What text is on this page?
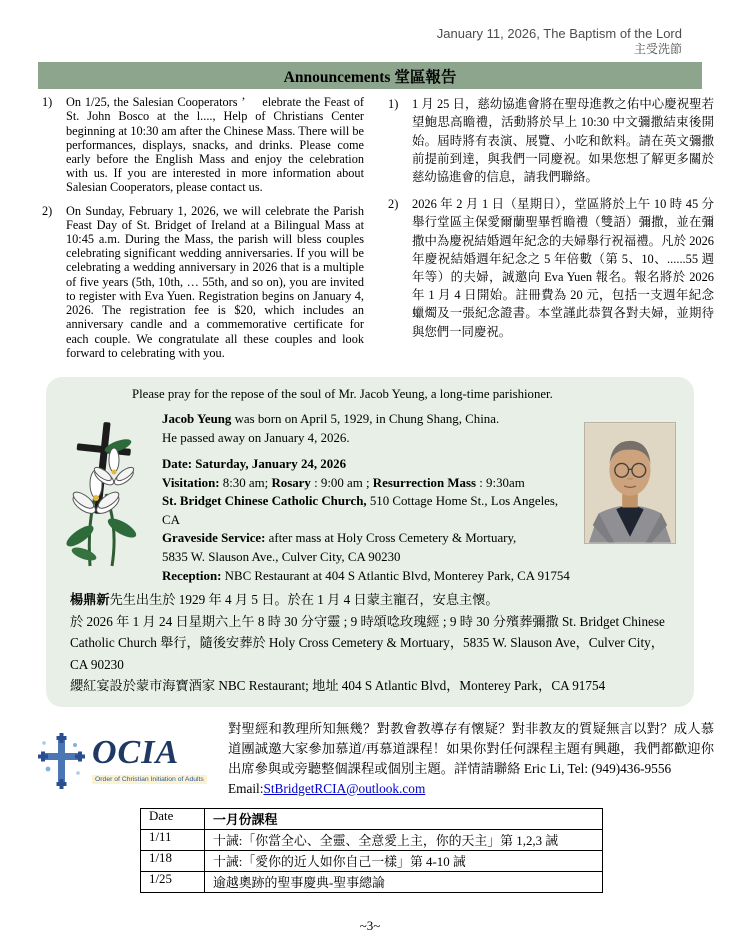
January 11, 2026, The Baptism of the Lord
主受洗節
Announcements 堂區報告
1)	On 1/25, the Salesian Cooperators ’　 elebrate the Feast of St. John Bosco at the l...., Help of Christians Center beginning at 10:30 am after the Chinese Mass. There will be performances, displays, snacks, and drinks. Please come early before the English Mass and enjoy the celebration with us. If you are interested in more information about Salesian Cooperators, please contact us.
2)	On Sunday, February 1, 2026, we will celebrate the Parish Feast Day of St. Bridget of Ireland at a Bilingual Mass at 10:45 a.m. During the Mass, the parish will bless couples celebrating significant wedding anniversaries. If you will be celebrating a wedding anniversary in 2026 that is a multiple of five years (5th, 10th, … 55th, and so on), you are invited to register with Eva Yuen. Registration begins on January 4, 2026. The registration fee is $20, which includes an anniversary candle and a commemorative certificate for each couple. We congratulate all these couples and look forward to celebrating with you.
1)	1 月 25 日，慈幼協進會將在聖母進教之佑中心慶祝聖若望鮑思高瞻禮，活動將於早上 10:30 中文彌撒結束後開始。屆時將有表演、展覽、小吃和飲料。請在英文彌撒前提前到達，與我們一同慶祝。如果您想了解更多關於慈幼協進會的信息，請我們聯絡。
2)	2026 年 2 月 1 日（星期日），堂區將於上午 10 時 45 分舉行堂區主保愛爾蘭聖畢哲瞻禮（雙語）彌撒，並在彌撒中為慶祝結婚週年紀念的夫婦舉行祝福禮。凡於 2026 年慶祝結婚週年紀念之 5 年倍數（第 5、10、......55 週年等）的夫婦，誠邀向 Eva Yuen 報名。報名將於 2026 年 1 月 4 日開始。註冊費為 20 元，包括一支週年紀念蠟燭及一張紀念證書。本堂謹此恭賀各對夫婦，並期待與您們一同慶祝。
Please pray for the repose of the soul of Mr. Jacob Yeung, a long-time parishioner.
Jacob Yeung was born on April 5, 1929, in Chung Shang, China.
He passed away on January 4, 2026.
Date: Saturday, January 24, 2026
Visitation: 8:30 am; Rosary : 9:00 am ; Resurrection Mass : 9:30am
St. Bridget Chinese Catholic Church, 510 Cottage Home St., Los Angeles, CA
Graveside Service: after mass at Holy Cross Cemetery & Mortuary,
5835 W. Slauson Ave., Culver City, CA 90230
Reception: NBC Restaurant at 404 S Atlantic Blvd, Monterey Park, CA 91754
楊鼎新先生出生於 1929 年 4 月 5 日。於在 1 月 4 日蒙主寵召，安息主懷。
於 2026 年 1 月 24 日星期六上午 8 時 30 分守靈 ; 9 時頌唸玫瑰經 ; 9 時 30 分殯葬彌撒 St. Bridget Chinese Catholic Church 舉行，隨後安葬於 Holy Cross Cemetery & Mortuary，5835 W. Slauson Ave，Culver City，CA 90230
纓紅宴設於蒙市海寶酒家 NBC Restaurant; 地址 404 S Atlantic Blvd，Monterey Park，CA 91754
OCIA
Order of Christian Initiation of Adults
對聖經和教理所知無幾？對教會教導存有懷疑？對非教友的質疑無言以對？成人慕道團誠邀大家參加慕道/再慕道課程！如果你對任何課程主題有興趣，我們都歡迎你出席參與或旁聽整個課程或個別主題。詳情請聯絡 Eric Li, Tel: (949)436-9556
Email:StBridgetRCIA@outlook.com
Date	一月份課程
1/11	十誡:「你當全心、全靈、全意愛上主，你的天主」第 1,2,3 誡
1/18	十誡:「愛你的近人如你自己一樣」第 4-10 誡
1/25	逾越奧跡的聖事慶典-聖事總論
~3~
